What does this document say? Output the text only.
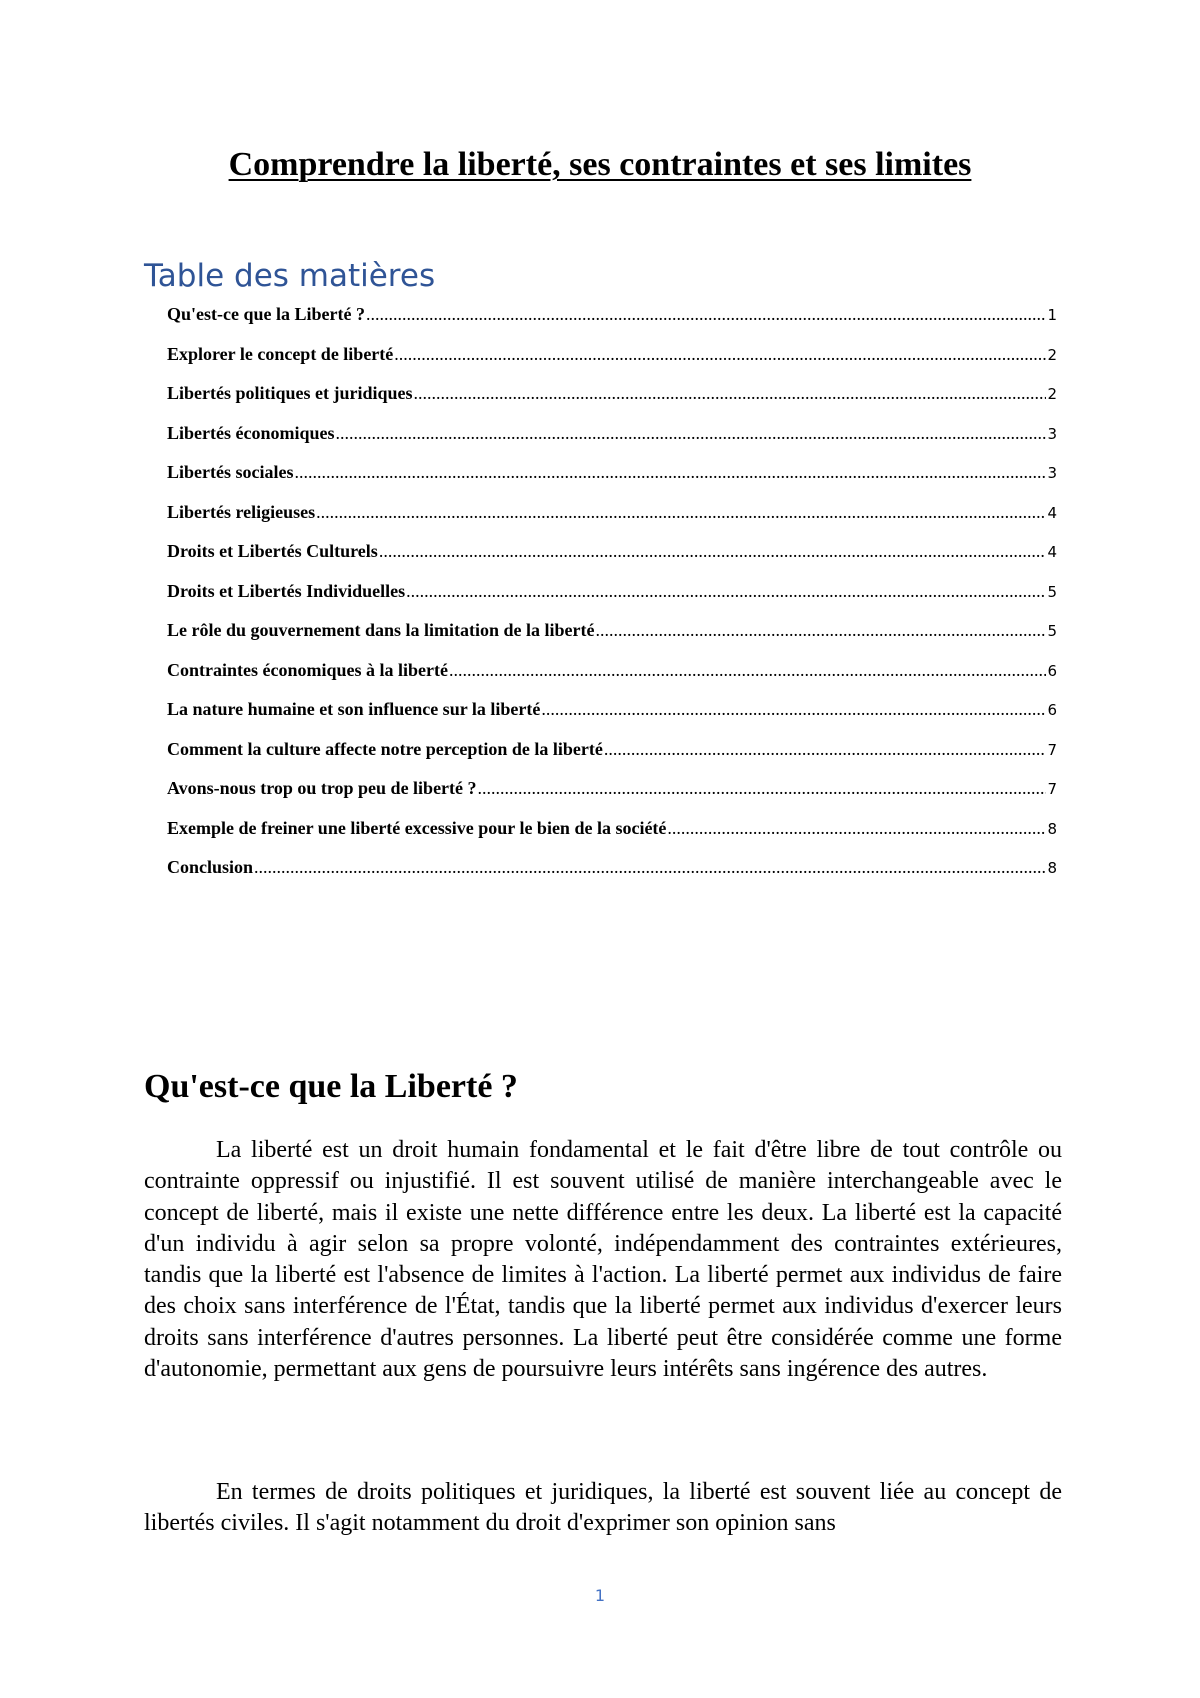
Comprendre la liberté, ses contraintes et ses limites
Table des matières
Qu'est-ce que la Liberté ? .....	1
Explorer le concept de liberté .....	2
Libertés politiques et juridiques .....	2
Libertés économiques .....	3
Libertés sociales .....	3
Libertés religieuses .....	4
Droits et Libertés Culturels .....	4
Droits et Libertés Individuelles .....	5
Le rôle du gouvernement dans la limitation de la liberté .....	5
Contraintes économiques à la liberté .....	6
La nature humaine et son influence sur la liberté .....	6
Comment la culture affecte notre perception de la liberté .....	7
Avons-nous trop ou trop peu de liberté ? .....	7
Exemple de freiner une liberté excessive pour le bien de la société .....	8
Conclusion .....	8
Qu'est-ce que la Liberté ?

La liberté est un droit humain fondamental et le fait d'être libre de tout contrôle ou contrainte oppressif ou injustifié. Il est souvent utilisé de manière interchangeable avec le concept de liberté, mais il existe une nette différence entre les deux. La liberté est la capacité d'un individu à agir selon sa propre volonté, indépendamment des contraintes extérieures, tandis que la liberté est l'absence de limites à l'action. La liberté permet aux individus de faire des choix sans interférence de l'État, tandis que la liberté permet aux individus d'exercer leurs droits sans interférence d'autres personnes. La liberté peut être considérée comme une forme d'autonomie, permettant aux gens de poursuivre leurs intérêts sans ingérence des autres.

En termes de droits politiques et juridiques, la liberté est souvent liée au concept de libertés civiles. Il s'agit notamment du droit d'exprimer son opinion sans

1
